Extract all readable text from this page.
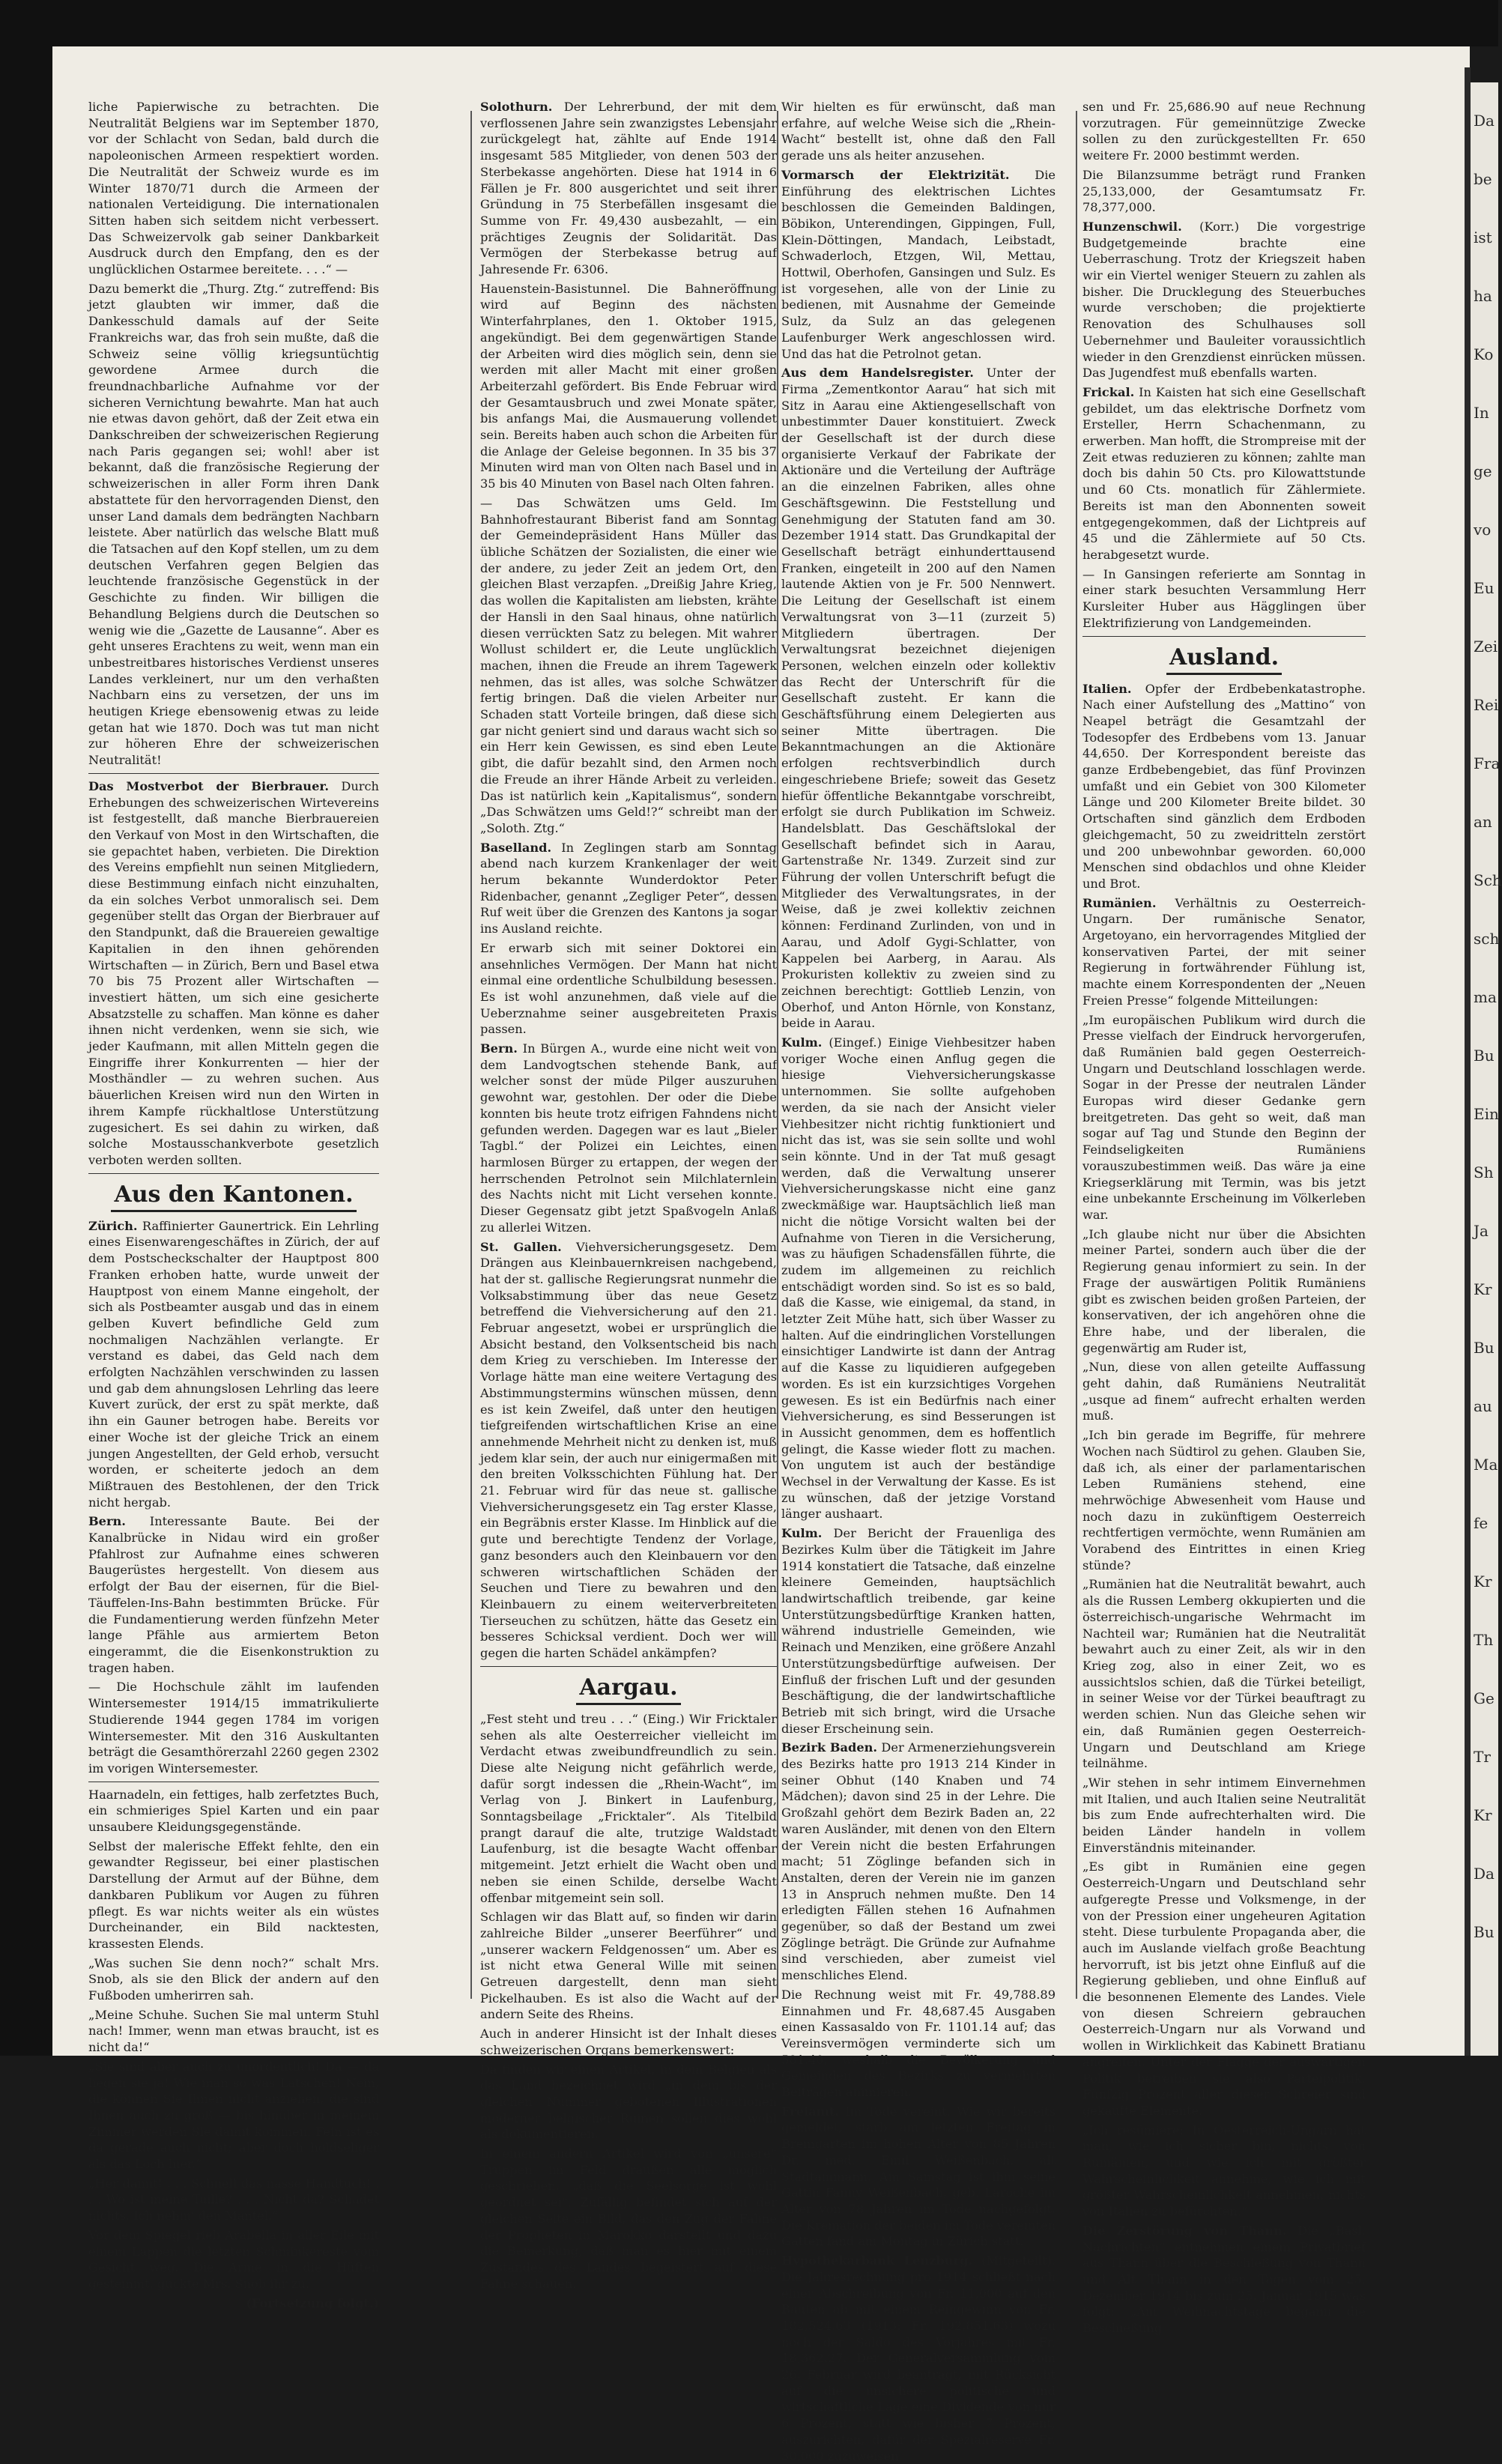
liche Papierwische zu betrachten. Die Neutralität Belgiens war im September 1870, vor der Schlacht von Sedan, bald durch die napoleonischen Armeen respektiert worden. Die Neutralität der Schweiz wurde es im Winter 1870/71 durch die Armeen der nationalen Verteidigung. Die internationalen Sitten haben sich seitdem nicht verbessert. Das Schweizervolk gab seiner Dankbarkeit Ausdruck durch den Empfang, den es der unglücklichen Ostarmee bereitete. . . .“ —

Dazu bemerkt die „Thurg. Ztg.“ zutreffend: Bis jetzt glaubten wir immer, daß die Dankesschuld damals auf der Seite Frankreichs war, das froh sein mußte, daß die Schweiz seine völlig kriegsuntüchtig gewordene Armee durch die freundnachbarliche Aufnahme vor der sicheren Vernichtung bewahrte. Man hat auch nie etwas davon gehört, daß der Zeit etwa ein Dankschreiben der schweizerischen Regierung nach Paris gegangen sei; wohl! aber ist bekannt, daß die französische Regierung der schweizerischen in aller Form ihren Dank abstattete für den hervorragenden Dienst, den unser Land damals dem bedrängten Nachbarn leistete. Aber natürlich das welsche Blatt muß die Tatsachen auf den Kopf stellen, um zu dem deutschen Verfahren gegen Belgien das leuchtende französische Gegenstück in der Geschichte zu finden. Wir billigen die Behandlung Belgiens durch die Deutschen so wenig wie die „Gazette de Lausanne“. Aber es geht unseres Erachtens zu weit, wenn man ein unbestreitbares historisches Verdienst unseres Landes verkleinert, nur um den verhaßten Nachbarn eins zu versetzen, der uns im heutigen Kriege ebensowenig etwas zu leide getan hat wie 1870. Doch was tut man nicht zur höheren Ehre der schweizerischen Neutralität!

Das Mostverbot der Bierbrauer. Durch Erhebungen des schweizerischen Wirtevereins ist festgestellt, daß manche Bierbrauereien den Verkauf von Most in den Wirtschaften, die sie gepachtet haben, verbieten. Die Direktion des Vereins empfiehlt nun seinen Mitgliedern, diese Bestimmung einfach nicht einzuhalten, da ein solches Verbot unmoralisch sei. Dem gegenüber stellt das Organ der Bierbrauer auf den Standpunkt, daß die Brauereien gewaltige Kapitalien in den ihnen gehörenden Wirtschaften — in Zürich, Bern und Basel etwa 70 bis 75 Prozent aller Wirtschaften — investiert hätten, um sich eine gesicherte Absatzstelle zu schaffen. Man könne es daher ihnen nicht verdenken, wenn sie sich, wie jeder Kaufmann, mit allen Mitteln gegen die Eingriffe ihrer Konkurrenten — hier der Mosthändler — zu wehren suchen. Aus bäuerlichen Kreisen wird nun den Wirten in ihrem Kampfe rückhaltlose Unterstützung zugesichert. Es sei dahin zu wirken, daß solche Mostausschankverbote gesetzlich verboten werden sollten.

Aus den Kantonen.

Zürich. Raffinierter Gaunertrick. Ein Lehrling eines Eisenwarengeschäftes in Zürich, der auf dem Postscheckschalter der Hauptpost 800 Franken erhoben hatte, wurde unweit der Hauptpost von einem Manne eingeholt, der sich als Postbeamter ausgab und das in einem gelben Kuvert befindliche Geld zum nochmaligen Nachzählen verlangte. Er verstand es dabei, das Geld nach dem erfolgten Nachzählen verschwinden zu lassen und gab dem ahnungslosen Lehrling das leere Kuvert zurück, der erst zu spät merkte, daß ihn ein Gauner betrogen habe. Bereits vor einer Woche ist der gleiche Trick an einem jungen Angestellten, der Geld erhob, versucht worden, er scheiterte jedoch an dem Mißtrauen des Bestohlenen, der den Trick nicht hergab.

Bern. Interessante Baute. Bei der Kanalbrücke in Nidau wird ein großer Pfahlrost zur Aufnahme eines schweren Baugerüstes hergestellt. Von diesem aus erfolgt der Bau der eisernen, für die Biel-Täuffelen-Ins-Bahn bestimmten Brücke. Für die Fundamentierung werden fünfzehn Meter lange Pfähle aus armiertem Beton eingerammt, die die Eisenkonstruktion zu tragen haben.

— Die Hochschule zählt im laufenden Wintersemester 1914/15 immatrikulierte Studierende 1944 gegen 1784 im vorigen Wintersemester. Mit den 316 Auskultanten beträgt die Gesamthörerzahl 2260 gegen 2302 im vorigen Wintersemester.

Haarnadeln, ein fettiges, halb zerfetztes Buch, ein schmieriges Spiel Karten und ein paar unsaubere Kleidungsgegenstände.

Selbst der malerische Effekt fehlte, den ein gewandter Regisseur, bei einer plastischen Darstellung der Armut auf der Bühne, dem dankbaren Publikum vor Augen zu führen pflegt. Es war nichts weiter als ein wüstes Durcheinander, ein Bild nacktesten, krassesten Elends.

„Was suchen Sie denn noch?“ schalt Mrs. Snob, als sie den Blick der andern auf den Fußboden umherirren sah.

„Meine Schuhe. Suchen Sie mal unterm Stuhl nach! Immer, wenn man etwas braucht, ist es nicht da!“

„Sie sind aber auch zu unordentlich! Da — da liegen sie ja! Wie man so was Latschen! Nein, die können Sie Ihnen nicht anziehen, die sind Ihnen auch zu groß — bis hinüber in meinem Zimmer werden Sie damit kommen. Fein ist es da gerade auch nicht; aber doch holdseliger als das Loch hier.“

„Her damit! . . . Schnell das nasse Handtuch! . . . Wo ist meine Taille? . . . Nicht da? Schadet nichts. Ich nehm' den Mantel.“

Vor dem Spiegel rieb Arabella in aller Eile mit einem Lappen die letzten Schminkereste vom Gesicht weg. Die Arme in die Hüften gestemmt, guckte Mrs. Snob ihr zu.

(Fortsetzung folgt.)

Solothurn. Der Lehrerbund, der mit dem verflossenen Jahre sein zwanzigstes Lebensjahr zurückgelegt hat, zählte auf Ende 1914 insgesamt 585 Mitglieder, von denen 503 der Sterbekasse angehörten. Diese hat 1914 in 6 Fällen je Fr. 800 ausgerichtet und seit ihrer Gründung in 75 Sterbefällen insgesamt die Summe von Fr. 49,430 ausbezahlt, — ein prächtiges Zeugnis der Solidarität. Das Vermögen der Sterbekasse betrug auf Jahresende Fr. 6306.

Hauenstein-Basistunnel. Die Bahneröffnung wird auf Beginn des nächsten Winterfahrplanes, den 1. Oktober 1915, angekündigt. Bei dem gegenwärtigen Stande der Arbeiten wird dies möglich sein, denn sie werden mit aller Macht mit einer großen Arbeiterzahl gefördert. Bis Ende Februar wird der Gesamtausbruch und zwei Monate später, bis anfangs Mai, die Ausmauerung vollendet sein. Bereits haben auch schon die Arbeiten für die Anlage der Geleise begonnen. In 35 bis 37 Minuten wird man von Olten nach Basel und in 35 bis 40 Minuten von Basel nach Olten fahren.

— Das Schwätzen ums Geld. Im Bahnhofrestaurant Biberist fand am Sonntag der Gemeindepräsident Hans Müller das übliche Schätzen der Sozialisten, die einer wie der andere, zu jeder Zeit an jedem Ort, den gleichen Blast verzapfen. „Dreißig Jahre Krieg, das wollen die Kapitalisten am liebsten, krähte der Hansli in den Saal hinaus, ohne natürlich diesen verrückten Satz zu belegen. Mit wahrer Wollust schildert er, die Leute unglücklich machen, ihnen die Freude an ihrem Tagewerk nehmen, das ist alles, was solche Schwätzer fertig bringen. Daß die vielen Arbeiter nur Schaden statt Vorteile bringen, daß diese sich gar nicht geniert sind und daraus wacht sich so ein Herr kein Gewissen, es sind eben Leute gibt, die dafür bezahlt sind, den Armen noch die Freude an ihrer Hände Arbeit zu verleiden. Das ist natürlich kein „Kapitalismus“, sondern „Das Schwätzen ums Geld!?“ schreibt man der „Soloth. Ztg.“

Baselland. In Zeglingen starb am Sonntag abend nach kurzem Krankenlager der weit herum bekannte Wunderdoktor Peter Ridenbacher, genannt „Zegliger Peter“, dessen Ruf weit über die Grenzen des Kantons ja sogar ins Ausland reichte.

Er erwarb sich mit seiner Doktorei ein ansehnliches Vermögen. Der Mann hat nicht einmal eine ordentliche Schulbildung besessen. Es ist wohl anzunehmen, daß viele auf die Ueberznahme seiner ausgebreiteten Praxis passen.

Bern. In Bürgen A., wurde eine nicht weit von dem Landvogtschen stehende Bank, auf welcher sonst der müde Pilger auszuruhen gewohnt war, gestohlen. Der oder die Diebe konnten bis heute trotz eifrigen Fahndens nicht gefunden werden. Dagegen war es laut „Bieler Tagbl.“ der Polizei ein Leichtes, einen harmlosen Bürger zu ertappen, der wegen der herrschenden Petrolnot sein Milchlaternlein des Nachts nicht mit Licht versehen konnte. Dieser Gegensatz gibt jetzt Spaßvogeln Anlaß zu allerlei Witzen.

St. Gallen. Viehversicherungsgesetz. Dem Drängen aus Kleinbauernkreisen nachgebend, hat der st. gallische Regierungsrat nunmehr die Volksabstimmung über das neue Gesetz betreffend die Viehversicherung auf den 21. Februar angesetzt, wobei er ursprünglich die Absicht bestand, den Volksentscheid bis nach dem Krieg zu verschieben. Im Interesse der Vorlage hätte man eine weitere Vertagung des Abstimmungstermins wünschen müssen, denn es ist kein Zweifel, daß unter den heutigen tiefgreifenden wirtschaftlichen Krise an eine annehmende Mehrheit nicht zu denken ist, muß jedem klar sein, der auch nur einigermaßen mit den breiten Volksschichten Fühlung hat. Der 21. Februar wird für das neue st. gallische Viehversicherungsgesetz ein Tag erster Klasse, ein Begräbnis erster Klasse. Im Hinblick auf die gute und berechtigte Tendenz der Vorlage, ganz besonders auch den Kleinbauern vor den schweren wirtschaftlichen Schäden der Seuchen und Tiere zu bewahren und den Kleinbauern zu einem weiterverbreiteten Tierseuchen zu schützen, hätte das Gesetz ein besseres Schicksal verdient. Doch wer will gegen die harten Schädel ankämpfen?

Aargau.

„Fest steht und treu . . .“ (Eing.) Wir Fricktaler sehen als alte Oesterreicher vielleicht im Verdacht etwas zweibundfreundlich zu sein. Diese alte Neigung nicht gefährlich werde, dafür sorgt indessen die „Rhein-Wacht“, im Verlag von J. Binkert in Laufenburg, Sonntagsbeilage „Fricktaler“. Als Titelbild prangt darauf die alte, trutzige Waldstadt Laufenburg, ist die besagte Wacht offenbar mitgemeint. Jetzt erhielt die Wacht oben und neben sie einen Schilde, derselbe Wacht offenbar mitgemeint sein soll.

Schlagen wir das Blatt auf, so finden wir darin zahlreiche Bilder „unserer Beerführer“ und „unserer wackern Feldgenossen“ um. Aber es ist nicht etwa General Wille mit seinen Getreuen dargestellt, denn man sieht Pickelhauben. Es ist also die Wacht auf der andern Seite des Rheins.

Auch in anderer Hinsicht ist der Inhalt dieses schweizerischen Organs bemerkenswert:

Da finden wir einen Artikel, in dem Belgien als das Land bezeichnet wird „in dem bis der gleichen Nummer gebotenen Illustrationen moderner belgischer Ruinen sollen dies wohl als dokumentieren.

In einem andern Artikel wird von „unsere“ Truppen im Feld draußen alle möglich geschrieben, „daß die Seelsorge ist wohl geordnet sei“. Zufällig befindet sich auf der gleichen Seite ein Bild, das den Zug der Fahne der Propheten in Marokko darstellt und dazu die Bemerkung, daß man es hier mit einem Zustandes des Landes begeistert auf diese Fahne schauen.

Wir hielten es für erwünscht, daß man erfahre, auf welche Weise sich die „Rhein-Wacht“ bestellt ist, ohne daß den Fall gerade uns als heiter anzusehen.

Vormarsch der Elektrizität. Die Einführung des elektrischen Lichtes beschlossen die Gemeinden Baldingen, Böbikon, Unterendingen, Gippingen, Full, Klein-Döttingen, Mandach, Leibstadt, Schwaderloch, Etzgen, Wil, Mettau, Hottwil, Oberhofen, Gansingen und Sulz. Es ist vorgesehen, alle von der Linie zu bedienen, mit Ausnahme der Gemeinde Sulz, da Sulz an das gelegenen Laufenburger Werk angeschlossen wird. Und das hat die Petrolnot getan.

Aus dem Handelsregister. Unter der Firma „Zementkontor Aarau“ hat sich mit Sitz in Aarau eine Aktiengesellschaft von unbestimmter Dauer konstituiert. Zweck der Gesellschaft ist der durch diese organisierte Verkauf der Fabrikate der Aktionäre und die Verteilung der Aufträge an die einzelnen Fabriken, alles ohne Geschäftsgewinn. Die Feststellung und Genehmigung der Statuten fand am 30. Dezember 1914 statt. Das Grundkapital der Gesellschaft beträgt einhunderttausend Franken, eingeteilt in 200 auf den Namen lautende Aktien von je Fr. 500 Nennwert. Die Leitung der Gesellschaft ist einem Verwaltungsrat von 3—11 (zurzeit 5) Mitgliedern übertragen. Der Verwaltungsrat bezeichnet diejenigen Personen, welchen einzeln oder kollektiv das Recht der Unterschrift für die Gesellschaft zusteht. Er kann die Geschäftsführung einem Delegierten aus seiner Mitte übertragen. Die Bekanntmachungen an die Aktionäre erfolgen rechtsverbindlich durch eingeschriebene Briefe; soweit das Gesetz hiefür öffentliche Bekanntgabe vorschreibt, erfolgt sie durch Publikation im Schweiz. Handelsblatt. Das Geschäftslokal der Gesellschaft befindet sich in Aarau, Gartenstraße Nr. 1349. Zurzeit sind zur Führung der vollen Unterschrift befugt die Mitglieder des Verwaltungsrates, in der Weise, daß je zwei kollektiv zeichnen können: Ferdinand Zurlinden, von und in Aarau, und Adolf Gygi-Schlatter, von Kappelen bei Aarberg, in Aarau. Als Prokuristen kollektiv zu zweien sind zu zeichnen berechtigt: Gottlieb Lenzin, von Oberhof, und Anton Hörnle, von Konstanz, beide in Aarau.

Kulm. (Eingef.) Einige Viehbesitzer haben voriger Woche einen Anflug gegen die hiesige Viehversicherungskasse unternommen. Sie sollte aufgehoben werden, da sie nach der Ansicht vieler Viehbesitzer nicht richtig funktioniert und nicht das ist, was sie sein sollte und wohl sein könnte. Und in der Tat muß gesagt werden, daß die Verwaltung unserer Viehversicherungskasse nicht eine ganz zweckmäßige war. Hauptsächlich ließ man nicht die nötige Vorsicht walten bei der Aufnahme von Tieren in die Versicherung, was zu häufigen Schadensfällen führte, die zudem im allgemeinen zu reichlich entschädigt worden sind. So ist es so bald, daß die Kasse, wie einigemal, da stand, in letzter Zeit Mühe hatt, sich über Wasser zu halten. Auf die eindringlichen Vorstellungen einsichtiger Landwirte ist dann der Antrag auf die Kasse zu liquidieren aufgegeben worden. Es ist ein kurzsichtiges Vorgehen gewesen. Es ist ein Bedürfnis nach einer Viehversicherung, es sind Besserungen ist in Aussicht genommen, dem es hoffentlich gelingt, die Kasse wieder flott zu machen. Von ungutem ist auch der beständige Wechsel in der Verwaltung der Kasse. Es ist zu wünschen, daß der jetzige Vorstand länger aushaart.

Kulm. Der Bericht der Frauenliga des Bezirkes Kulm über die Tätigkeit im Jahre 1914 konstatiert die Tatsache, daß einzelne kleinere Gemeinden, hauptsächlich landwirtschaftlich treibende, gar keine Unterstützungsbedürftige Kranken hatten, während industrielle Gemeinden, wie Reinach und Menziken, eine größere Anzahl Unterstützungsbedürftige aufweisen. Der Einfluß der frischen Luft und der gesunden Beschäftigung, die der landwirtschaftliche Betrieb mit sich bringt, wird die Ursache dieser Erscheinung sein.

Bezirk Baden. Der Armenerziehungsverein des Bezirks hatte pro 1913 214 Kinder in seiner Obhut (140 Knaben und 74 Mädchen); davon sind 25 in der Lehre. Die Großzahl gehört dem Bezirk Baden an, 22 waren Ausländer, mit denen von den Eltern der Verein nicht die besten Erfahrungen macht; 51 Zöglinge befanden sich in Anstalten, deren der Verein nie im ganzen 13 in Anspruch nehmen mußte. Den 14 erledigten Fällen stehen 16 Aufnahmen gegenüber, so daß der Bestand um zwei Zöglinge beträgt. Die Gründe zur Aufnahme sind verschieden, aber zumeist viel menschliches Elend.

Die Rechnung weist mit Fr. 49,788.89 Einnahmen und Fr. 48,687.45 Ausgaben einen Kassasaldo von Fr. 1101.14 auf; das Vereinsvermögen verminderte sich um 581.40, weshalb die Bevölkerung und Gemeinden des Bezirks zu vermehrten Beiträgen animieren.

Freiamt. Im Tode vereint. Wie wir bereits gemeldet, starb am letzten Freitag in Bremgarten im hohen Alter von 85 Jahren Dr. med. Emil Weißenbach, alt Stadtammann. Am Samstag ist ihm seine Gattin Fanny Weißenbach, geb. Laroche im Alter von 78 Jahren im Tode nachgefolgt. Die Kremation der beiden im Tode vereinten Gatten fand am Montag in Zürich statt.

Hypothekarbank Lenzburg. (Mitgeteilt). Die Jahresrechnung pro 1914 schließt nach einer Abschreibung von Fr. 11,000 auf den Bauten ab mit einem Reingewinn von Fr. 182,524.63 (1913: Fr. 192,851.63) wozu noch der Saldo des Vorjahres mit Fr. 18,362.27. Der Generalversammlung vom 26. Februar wird beantragt, mit Rücksicht auf die unsichere politische und wirtschaftliche Lage eine Dividende von nur 6 Prozent, statt wie bisher 7 Prozent, auszurichten, dafür der Spezialreserve Fr. 30,000 zuzuweisen

sen und Fr. 25,686.90 auf neue Rechnung vorzutragen. Für gemeinnützige Zwecke sollen zu den zurückgestellten Fr. 650 weitere Fr. 2000 bestimmt werden.

Die Bilanzsumme beträgt rund Franken 25,133,000, der Gesamtumsatz Fr. 78,377,000.

Hunzenschwil. (Korr.) Die vorgestrige Budgetgemeinde brachte eine Ueberraschung. Trotz der Kriegszeit haben wir ein Viertel weniger Steuern zu zahlen als bisher. Die Drucklegung des Steuerbuches wurde verschoben; die projektierte Renovation des Schulhauses soll Uebernehmer und Bauleiter voraussichtlich wieder in den Grenzdienst einrücken müssen. Das Jugendfest muß ebenfalls warten.

Frickal. In Kaisten hat sich eine Gesellschaft gebildet, um das elektrische Dorfnetz vom Ersteller, Herrn Schachenmann, zu erwerben. Man hofft, die Strompreise mit der Zeit etwas reduzieren zu können; zahlte man doch bis dahin 50 Cts. pro Kilowattstunde und 60 Cts. monatlich für Zählermiete. Bereits ist man den Abonnenten soweit entgegengekommen, daß der Lichtpreis auf 45 und die Zählermiete auf 50 Cts. herabgesetzt wurde.

— In Gansingen referierte am Sonntag in einer stark besuchten Versammlung Herr Kursleiter Huber aus Hägglingen über Elektrifizierung von Landgemeinden.

Ausland.

Italien. Opfer der Erdbebenkatastrophe. Nach einer Aufstellung des „Mattino“ von Neapel beträgt die Gesamtzahl der Todesopfer des Erdbebens vom 13. Januar 44,650. Der Korrespondent bereiste das ganze Erdbebengebiet, das fünf Provinzen umfaßt und ein Gebiet von 300 Kilometer Länge und 200 Kilometer Breite bildet. 30 Ortschaften sind gänzlich dem Erdboden gleichgemacht, 50 zu zweidritteln zerstört und 200 unbewohnbar geworden. 60,000 Menschen sind obdachlos und ohne Kleider und Brot.

Rumänien. Verhältnis zu Oesterreich-Ungarn. Der rumänische Senator, Argetoyano, ein hervorragendes Mitglied der konservativen Partei, der mit seiner Regierung in fortwährender Fühlung ist, machte einem Korrespondenten der „Neuen Freien Presse“ folgende Mitteilungen:

„Im europäischen Publikum wird durch die Presse vielfach der Eindruck hervorgerufen, daß Rumänien bald gegen Oesterreich-Ungarn und Deutschland losschlagen werde. Sogar in der Presse der neutralen Länder Europas wird dieser Gedanke gern breitgetreten. Das geht so weit, daß man sogar auf Tag und Stunde den Beginn der Feindseligkeiten Rumäniens vorauszubestimmen weiß. Das wäre ja eine Kriegserklärung mit Termin, was bis jetzt eine unbekannte Erscheinung im Völkerleben war.

„Ich glaube nicht nur über die Absichten meiner Partei, sondern auch über die der Regierung genau informiert zu sein. In der Frage der auswärtigen Politik Rumäniens gibt es zwischen beiden großen Parteien, der konservativen, der ich angehören ohne die Ehre habe, und der liberalen, die gegenwärtig am Ruder ist,

„Nun, diese von allen geteilte Auffassung geht dahin, daß Rumäniens Neutralität „usque ad finem“ aufrecht erhalten werden muß.

„Ich bin gerade im Begriffe, für mehrere Wochen nach Südtirol zu gehen. Glauben Sie, daß ich, als einer der parlamentarischen Leben Rumäniens stehend, eine mehrwöchige Abwesenheit vom Hause und noch dazu in zukünftigem Oesterreich rechtfertigen vermöchte, wenn Rumänien am Vorabend des Eintrittes in einen Krieg stünde?

„Rumänien hat die Neutralität bewahrt, auch als die Russen Lemberg okkupierten und die österreichisch-ungarische Wehrmacht im Nachteil war; Rumänien hat die Neutralität bewahrt auch zu einer Zeit, als wir in den Krieg zog, also in einer Zeit, wo es aussichtslos schien, daß die Türkei beteiligt, in seiner Weise vor der Türkei beauftragt zu werden schien. Nun das Gleiche sehen wir ein, daß Rumänien gegen Oesterreich-Ungarn und Deutschland am Kriege teilnähme.

„Wir stehen in sehr intimem Einvernehmen mit Italien, und auch Italien seine Neutralität bis zum Ende aufrechterhalten wird. Die beiden Länder handeln in vollem Einverständnis miteinander.

„Es gibt in Rumänien eine gegen Oesterreich-Ungarn und Deutschland sehr aufgeregte Presse und Volksmenge, in der von der Pression einer ungeheuren Agitation steht. Diese turbulente Propaganda aber, die auch im Auslande vielfach große Beachtung hervorruft, ist bis jetzt ohne Einfluß auf die Regierung geblieben, und ohne Einfluß auf die besonnenen Elemente des Landes. Viele von diesen Schreiern gebrauchen Oesterreich-Ungarn nur als Vorwand und wollen in Wirklichkeit das Kabinett Bratianu angreifen. Unter der Flagge der auswärtigen Politik betreiben sie also Parteipolitik. Fünfzig Prozent aller dieser Schreier sind gekaufte Elemente.

„Ich resümiere: In Oesterreich-Ungarn hat man, wie ich sicher bin, nichts von Rumänien, und wie ich mit größter Wahrscheinlichkeit annehme, wie ich mit größter Wahrscheinlichkeit annehmen, nichts von Italien zu befürchten.“

Die Zerstörung von Thann. Die „Basl. Nachrichten“ entnehmen einem Privatbrief aus Thann über die Beschießung von Thann und Alt Thann in den Tagen vom 25. Dezember 1914 bis zum 25. Januar 1915 was folgt: „Am Weihnachtstage begann die Beschießung

Da
be
ist
ha
Ko
In
ge
vo
Eu
Zei
Rei
Fra
an
Sch
sch
ma
Bu
Ein
Sh
Ja
Kr
Bu
au
Ma
fe
Kr
Th
Ge
Tr
Kr
Da
Bu
